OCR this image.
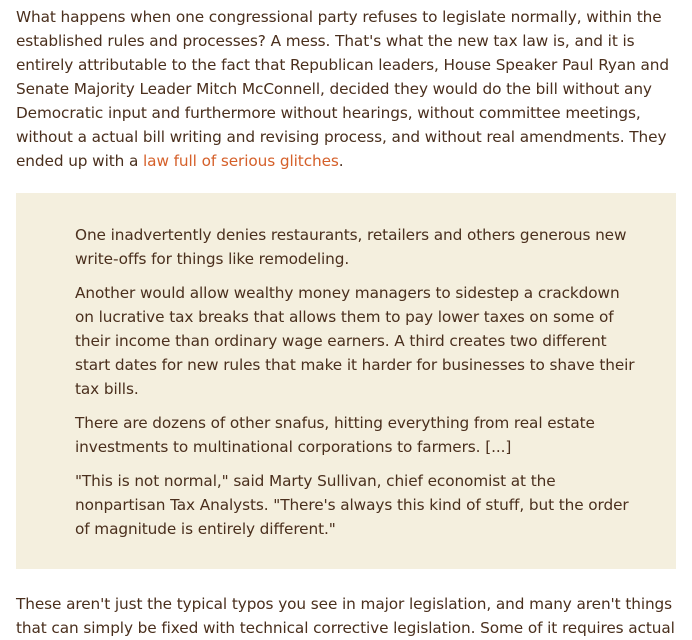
What happens when one congressional party refuses to legislate normally, within the established rules and processes? A mess. That's what the new tax law is, and it is entirely attributable to the fact that Republican leaders, House Speaker Paul Ryan and Senate Majority Leader Mitch McConnell, decided they would do the bill without any Democratic input and furthermore without hearings, without committee meetings, without a actual bill writing and revising process, and without real amendments. They ended up with a law full of serious glitches.

One inadvertently denies restaurants, retailers and others generous new write-offs for things like remodeling.

Another would allow wealthy money managers to sidestep a crackdown on lucrative tax breaks that allows them to pay lower taxes on some of their income than ordinary wage earners. A third creates two different start dates for new rules that make it harder for businesses to shave their tax bills.

There are dozens of other snafus, hitting everything from real estate investments to multinational corporations to farmers. [...]

"This is not normal," said Marty Sullivan, chief economist at the nonpartisan Tax Analysts. "There's always this kind of stuff, but the order of magnitude is entirely different."

These aren't just the typical typos you see in major legislation, and many aren't things that can simply be fixed with technical corrective legislation. Some of it requires actual
